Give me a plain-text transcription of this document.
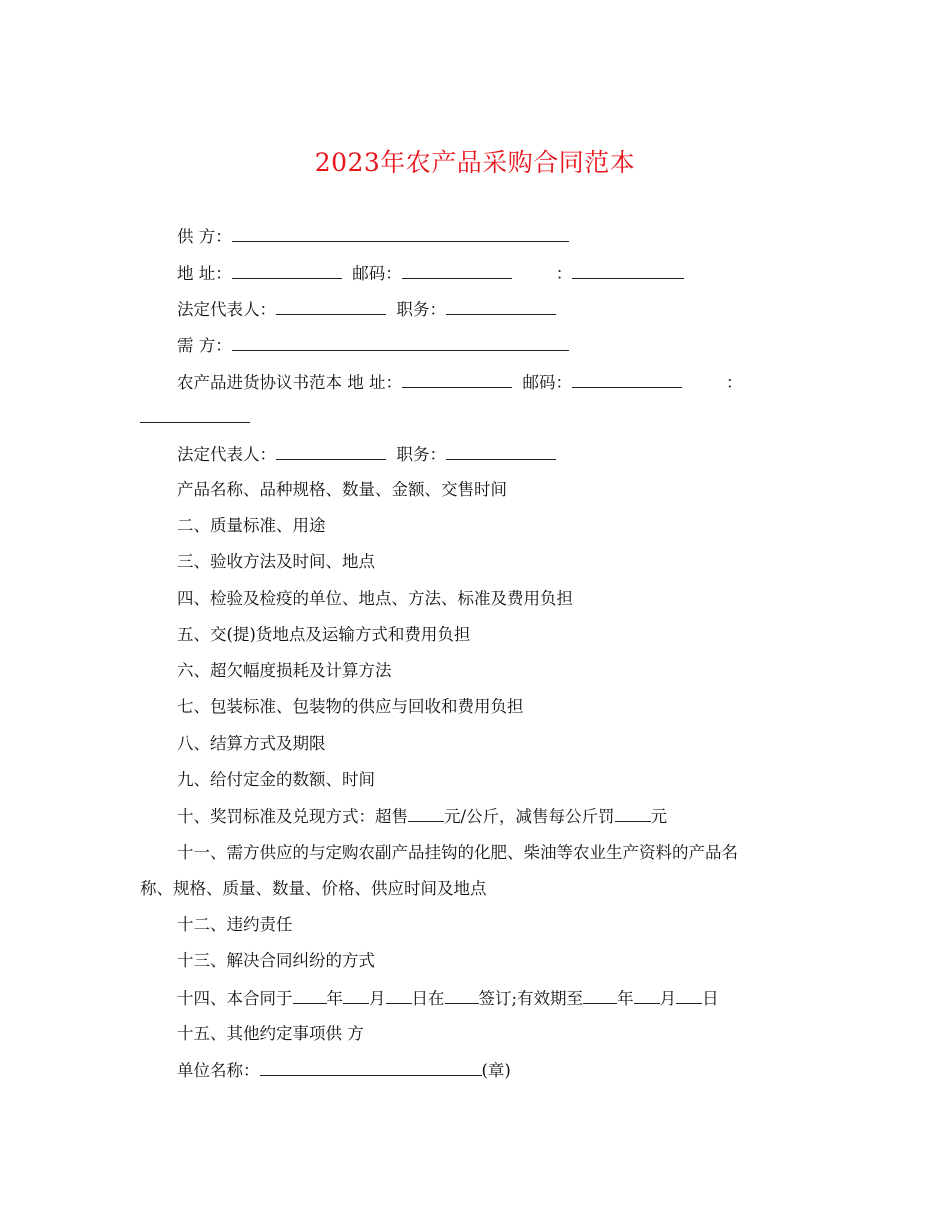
2023年农产品采购合同范本
供 方：
地 址：	邮码：	：
法定代表人：	职务：
需 方：
农产品进货协议书范本 地 址：	邮码：	：
法定代表人：	职务：
产品名称、品种规格、数量、金额、交售时间
二、质量标准、用途
三、验收方法及时间、地点
四、检验及检疫的单位、地点、方法、标准及费用负担
五、交(提)货地点及运输方式和费用负担
六、超欠幅度损耗及计算方法
七、包装标准、包装物的供应与回收和费用负担
八、结算方式及期限
九、给付定金的数额、时间
十、奖罚标准及兑现方式：超售 元/公斤，减售每公斤罚 元
十一、需方供应的与定购农副产品挂钩的化肥、柴油等农业生产资料的产品名
称、规格、质量、数量、价格、供应时间及地点
十二、违约责任
十三、解决合同纠纷的方式
十四、本合同于 年 月 日在 签订;有效期至 年 月 日
十五、其他约定事项供 方
单位名称：	(章)
